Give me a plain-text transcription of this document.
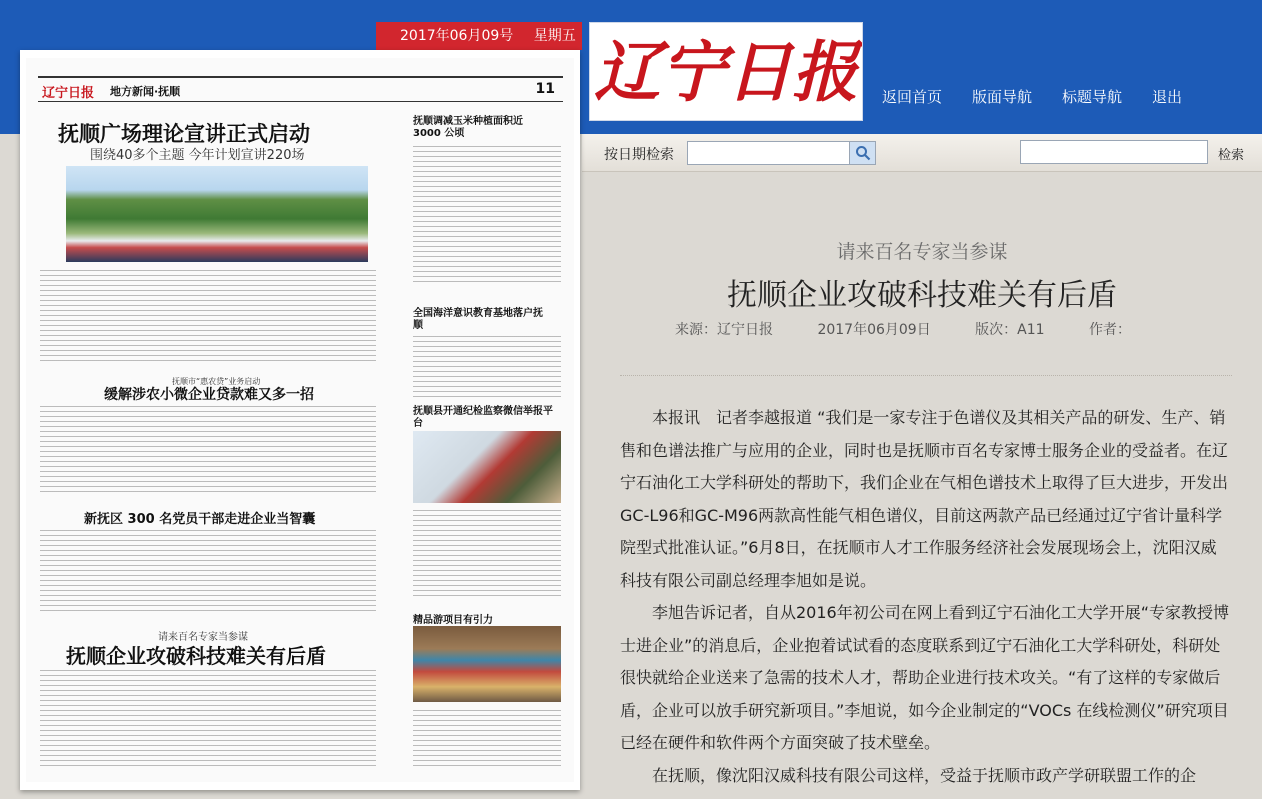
2017年06月09号 星期五 辽宁日报	返回首页 版面导航 标题导航 退出
按日期检索	检索
辽宁日报 地方新闻·抚顺	11
抚顺广场理论宣讲正式启动
围绕40多个主题 今年计划宣讲220场
抚顺调减玉米种植面积近 3000 公顷
抚顺市“惠农贷”业务启动
缓解涉农小微企业贷款难又多一招
全国海洋意识教育基地落户抚顺
抚顺县开通纪检监察微信举报平台
新抚区 300 名党员干部走进企业当智囊
请来百名专家当参谋
抚顺企业攻破科技难关有后盾
精品游项目有引力
请来百名专家当参谋
抚顺企业攻破科技难关有后盾
来源：辽宁日报	2017年06月09日	版次：A11	作者：

本报讯　记者李越报道 “我们是一家专注于色谱仪及其相关产品的研发、生产、销售和色谱法推广与应用的企业，同时也是抚顺市百名专家博士服务企业的受益者。在辽宁石油化工大学科研处的帮助下，我们企业在气相色谱技术上取得了巨大进步，开发出GC-L96和GC-M96两款高性能气相色谱仪，目前这两款产品已经通过辽宁省计量科学院型式批准认证。”6月8日，在抚顺市人才工作服务经济社会发展现场会上，沈阳汉威科技有限公司副总经理李旭如是说。

李旭告诉记者，自从2016年初公司在网上看到辽宁石油化工大学开展“专家教授博士进企业”的消息后，企业抱着试试看的态度联系到辽宁石油化工大学科研处，科研处很快就给企业送来了急需的技术人才，帮助企业进行技术攻关。“有了这样的专家做后盾，企业可以放手研究新项目。”李旭说，如今企业制定的“VOCs 在线检测仪”研究项目已经在硬件和软件两个方面突破了技术壁垒。

在抚顺，像沈阳汉威科技有限公司这样，受益于抚顺市政产学研联盟工作的企
